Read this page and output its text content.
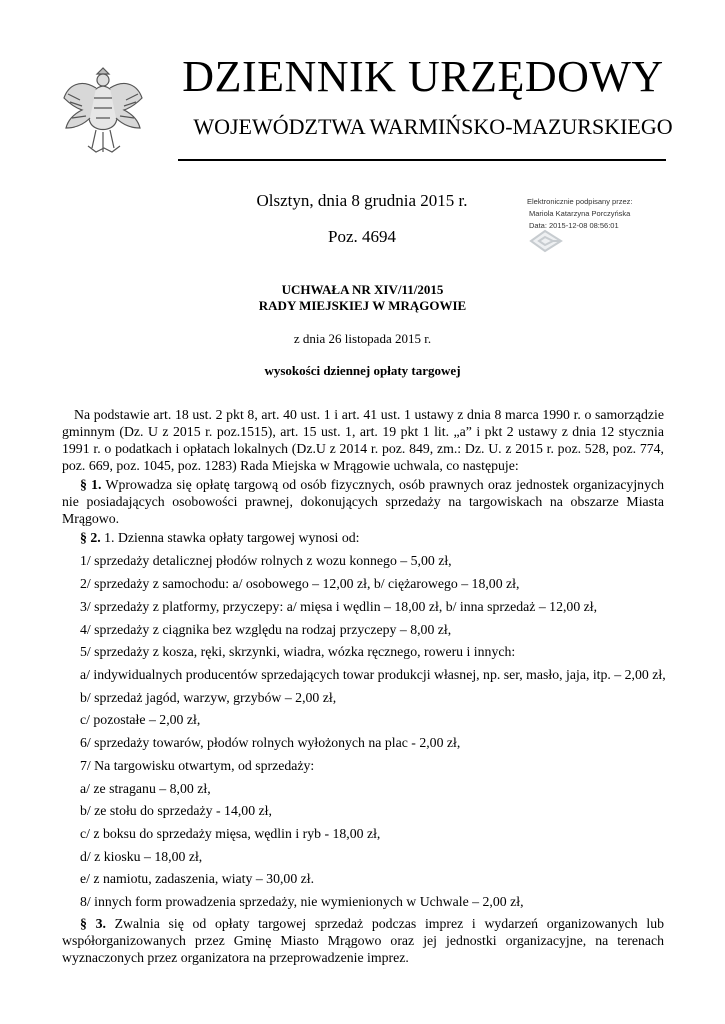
DZIENNIK URZĘDOWY
WOJEWÓDZTWA WARMIŃSKO-MAZURSKIEGO
Olsztyn, dnia 8 grudnia 2015 r.
Poz. 4694
Elektronicznie podpisany przez:
Mariola Katarzyna Porczyńska
Data: 2015-12-08 08:56:01
UCHWAŁA NR XIV/11/2015
RADY MIEJSKIEJ W MRĄGOWIE
z dnia 26 listopada 2015 r.
wysokości dziennej opłaty targowej
Na podstawie art. 18 ust. 2 pkt 8, art. 40 ust. 1 i art. 41 ust. 1 ustawy z dnia 8 marca 1990 r. o samorządzie gminnym (Dz. U z 2015 r. poz.1515), art. 15 ust. 1, art. 19 pkt 1 lit. „a” i pkt 2 ustawy z dnia 12 stycznia 1991 r. o podatkach i opłatach lokalnych (Dz.U z 2014 r. poz. 849, zm.: Dz. U. z 2015 r. poz. 528, poz. 774, poz. 669, poz. 1045, poz. 1283) Rada Miejska w Mrągowie uchwala, co następuje:
§ 1. Wprowadza się opłatę targową od osób fizycznych, osób prawnych oraz jednostek organizacyjnych nie posiadających osobowości prawnej, dokonujących sprzedaży na targowiskach na obszarze Miasta Mrągowo.
§ 2. 1. Dzienna stawka opłaty targowej wynosi od:
1/ sprzedaży detalicznej płodów rolnych z wozu konnego – 5,00 zł,
2/ sprzedaży z samochodu: a/ osobowego – 12,00 zł, b/ ciężarowego – 18,00 zł,
3/ sprzedaży z platformy, przyczepy: a/ mięsa i wędlin – 18,00 zł, b/ inna sprzedaż – 12,00 zł,
4/ sprzedaży z ciągnika bez względu na rodzaj przyczepy – 8,00 zł,
5/ sprzedaży z kosza, ręki, skrzynki, wiadra, wózka ręcznego, roweru i innych:
a/ indywidualnych producentów sprzedających towar produkcji własnej, np. ser, masło, jaja, itp. – 2,00 zł,
b/ sprzedaż jagód, warzyw, grzybów – 2,00 zł,
c/ pozostałe – 2,00 zł,
6/ sprzedaży towarów, płodów rolnych wyłożonych na plac - 2,00 zł,
7/ Na targowisku otwartym, od sprzedaży:
a/ ze straganu – 8,00 zł,
b/ ze stołu do sprzedaży - 14,00 zł,
c/ z boksu do sprzedaży mięsa, wędlin i ryb - 18,00 zł,
d/ z kiosku – 18,00 zł,
e/ z namiotu, zadaszenia, wiaty – 30,00 zł.
8/ innych form prowadzenia sprzedaży, nie wymienionych w Uchwale – 2,00 zł,
§ 3. Zwalnia się od opłaty targowej sprzedaż podczas imprez i wydarzeń organizowanych lub współorganizowanych przez Gminę Miasto Mrągowo oraz jej jednostki organizacyjne, na terenach wyznaczonych przez organizatora na przeprowadzenie imprez.
